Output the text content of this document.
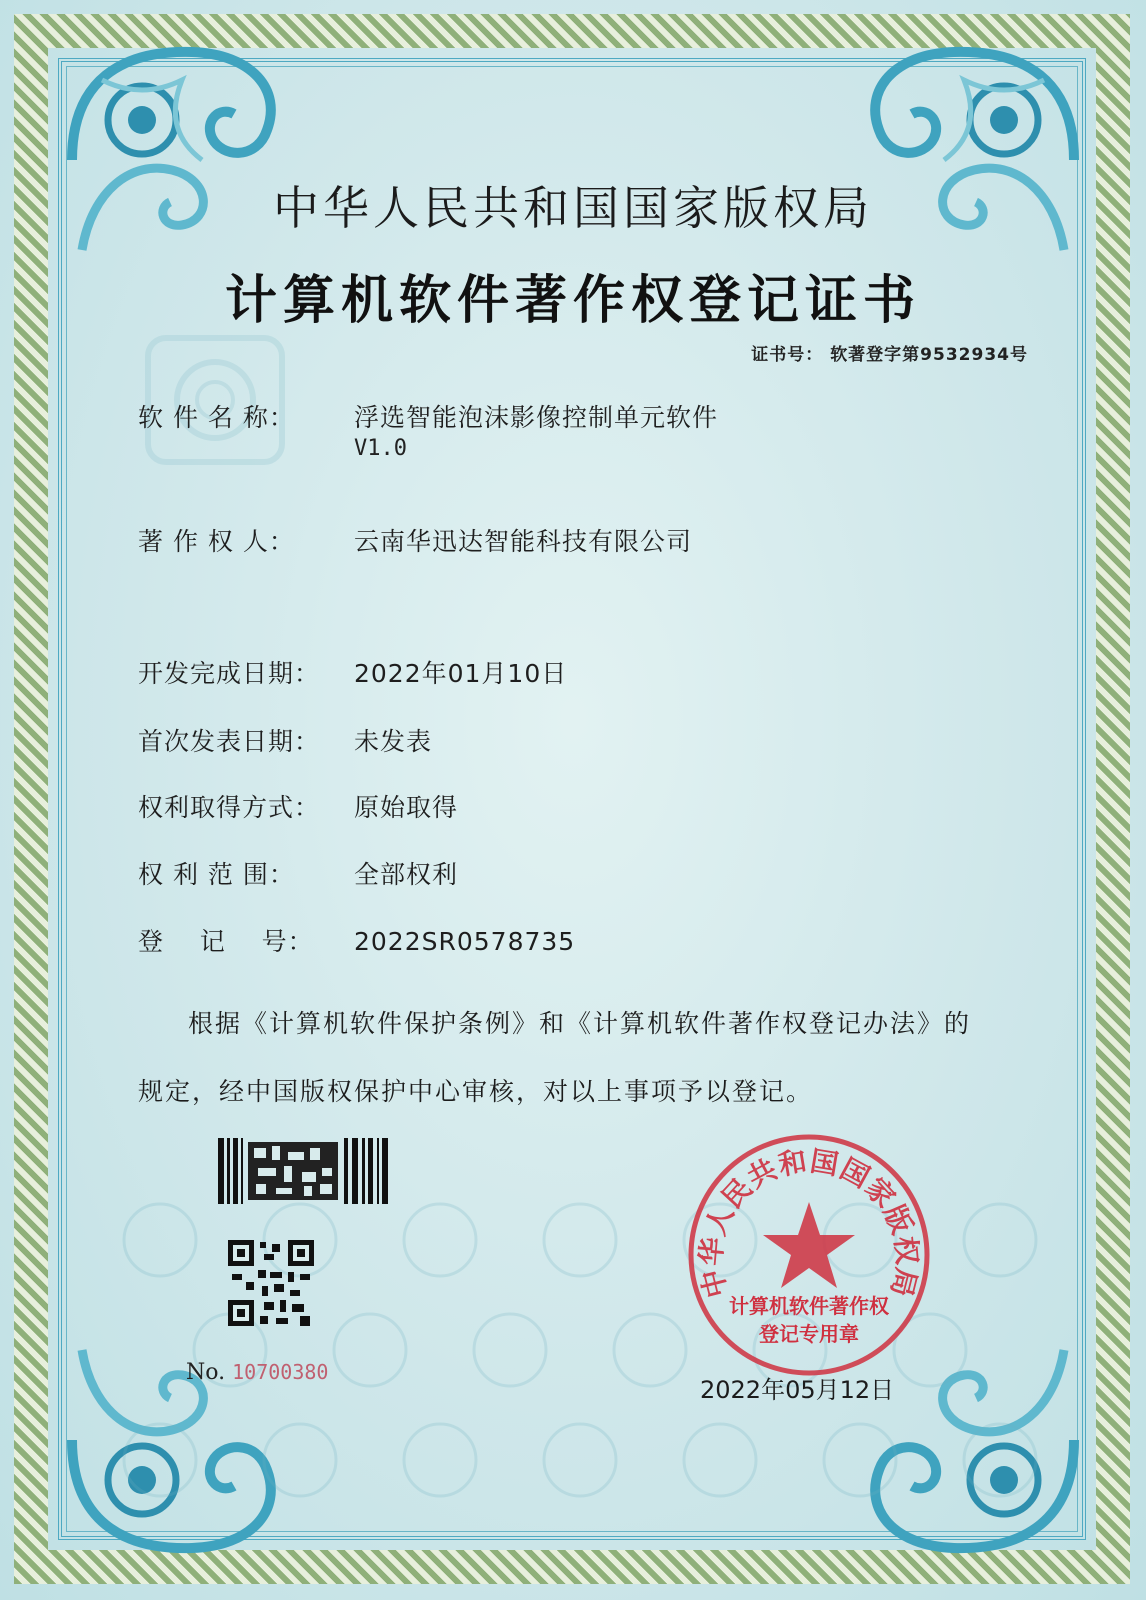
中华人民共和国国家版权局
计算机软件著作权登记证书
证书号： 软著登字第9532934号
软 件 名 称： 浮选智能泡沫影像控制单元软件
V1.0
著 作 权 人： 云南华迅达智能科技有限公司
开发完成日期： 2022年01月10日
首次发表日期： 未发表
权利取得方式： 原始取得
权 利 范 围： 全部权利
登    记    号： 2022SR0578735
根据《计算机软件保护条例》和《计算机软件著作权登记办法》的
规定，经中国版权保护中心审核，对以上事项予以登记。
No. 10700380
中华人民共和国国家版权局
计算机软件著作权
登记专用章
2022年05月12日
